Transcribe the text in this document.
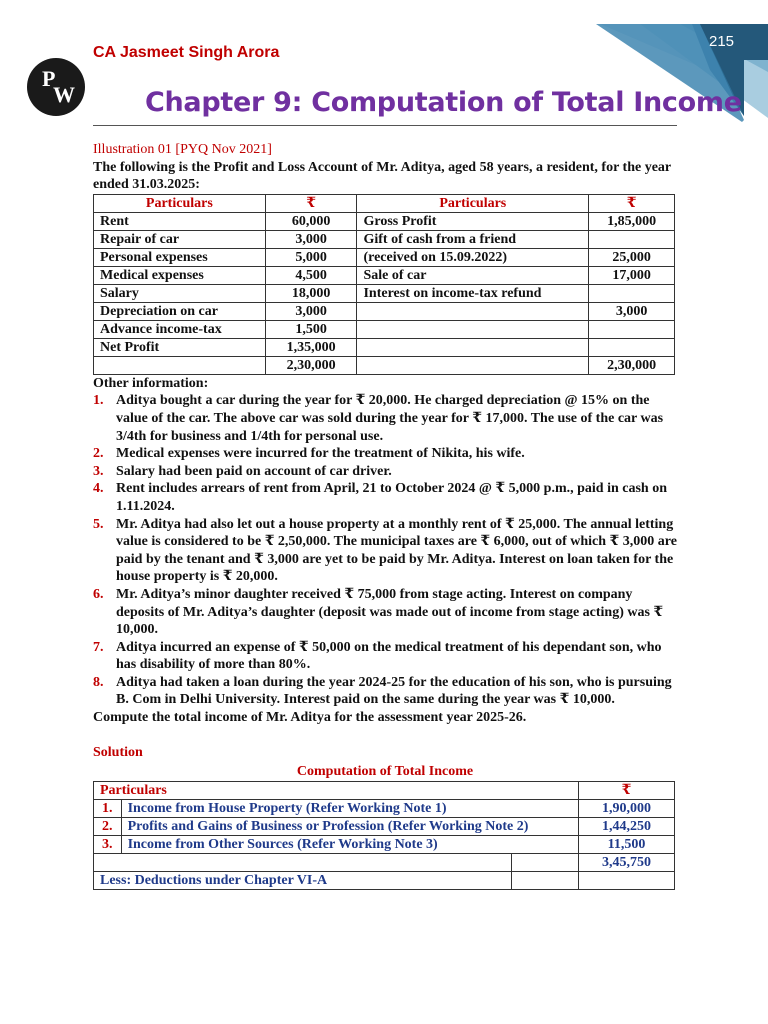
215
CA Jasmeet Singh Arora
P
W	Chapter 9: Computation of Total Income

Illustration 01 [PYQ Nov 2021]

The following is the Profit and Loss Account of Mr. Aditya, aged 58 years, a resident, for the year ended 31.03.2025:

Particulars	₹	Particulars	₹
Rent	60,000	Gross Profit	1,85,000
Repair of car	3,000	Gift of cash from a friend	
Personal expenses	5,000	(received on 15.09.2022)	25,000
Medical expenses	4,500	Sale of car	17,000
Salary	18,000	Interest on income-tax refund	
Depreciation on car	3,000		3,000
Advance income-tax	1,500		
Net Profit	1,35,000		
	2,30,000		2,30,000

Other information:

1. Aditya bought a car during the year for ₹ 20,000. He charged depreciation @ 15% on the value of the car. The above car was sold during the year for ₹ 17,000. The use of the car was 3/4th for business and 1/4th for personal use.
2. Medical expenses were incurred for the treatment of Nikita, his wife.
3. Salary had been paid on account of car driver.
4. Rent includes arrears of rent from April, 21 to October 2024 @ ₹ 5,000 p.m., paid in cash on 1.11.2024.
5. Mr. Aditya had also let out a house property at a monthly rent of ₹ 25,000. The annual letting value is considered to be ₹ 2,50,000. The municipal taxes are ₹ 6,000, out of which ₹ 3,000 are paid by the tenant and ₹ 3,000 are yet to be paid by Mr. Aditya. Interest on loan taken for the house property is ₹ 20,000.
6. Mr. Aditya’s minor daughter received ₹ 75,000 from stage acting. Interest on company deposits of Mr. Aditya’s daughter (deposit was made out of income from stage acting) was ₹ 10,000.
7. Aditya incurred an expense of ₹ 50,000 on the medical treatment of his dependant son, who has disability of more than 80%.
8. Aditya had taken a loan during the year 2024-25 for the education of his son, who is pursuing B. Com in Delhi University. Interest paid on the same during the year was ₹ 10,000.

Compute the total income of Mr. Aditya for the assessment year 2025-26.

Solution

Computation of Total Income

Particulars			₹
1.	Income from House Property (Refer Working Note 1)		1,90,000
2.	Profits and Gains of Business or Profession (Refer Working Note 2)		1,44,250
3.	Income from Other Sources (Refer Working Note 3)		11,500
			3,45,750
Less: Deductions under Chapter VI-A			
